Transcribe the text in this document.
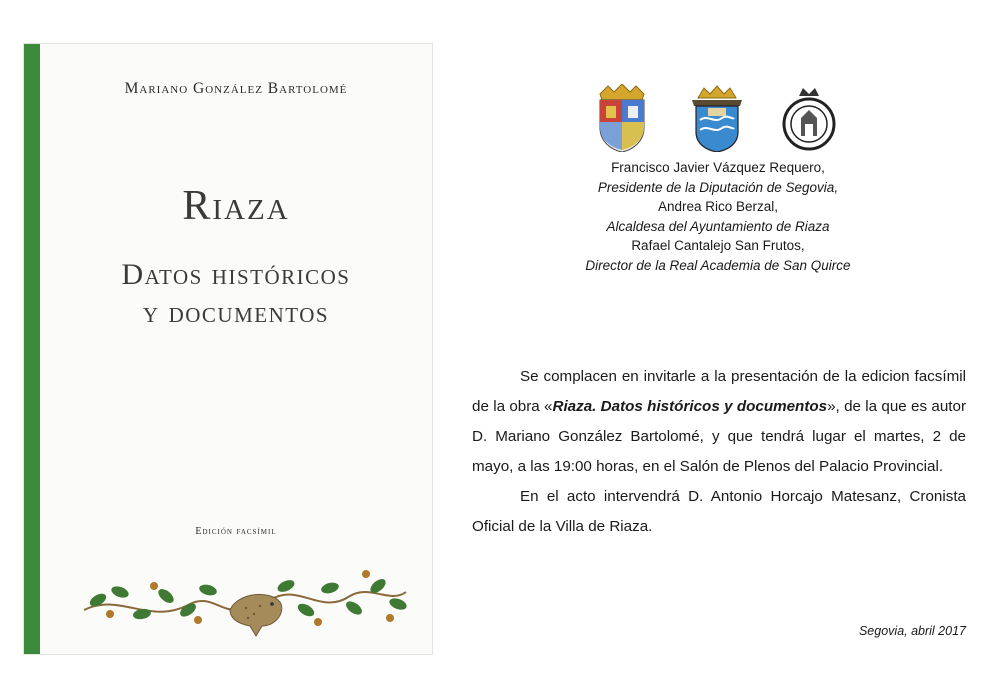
Mariano González Bartolomé
Riaza
Datos históricos
y documentos
Edición facsímil
Francisco Javier Vázquez Requero,
Presidente de la Diputación de Segovia,
Andrea Rico Berzal,
Alcaldesa del Ayuntamiento de Riaza
Rafael Cantalejo San Frutos,
Director de la Real Academia de San Quirce

Se complacen en invitarle a la presentación de la edicion facsímil de la obra «Riaza. Datos históricos y documentos», de la que es autor D. Mariano González Bartolomé, y que tendrá lugar el martes, 2 de mayo, a las 19:00 horas, en el Salón de Plenos del Palacio Provincial.

En el acto intervendrá D. Antonio Horcajo Matesanz, Cronista Oficial de la Villa de Riaza.

Segovia, abril 2017
